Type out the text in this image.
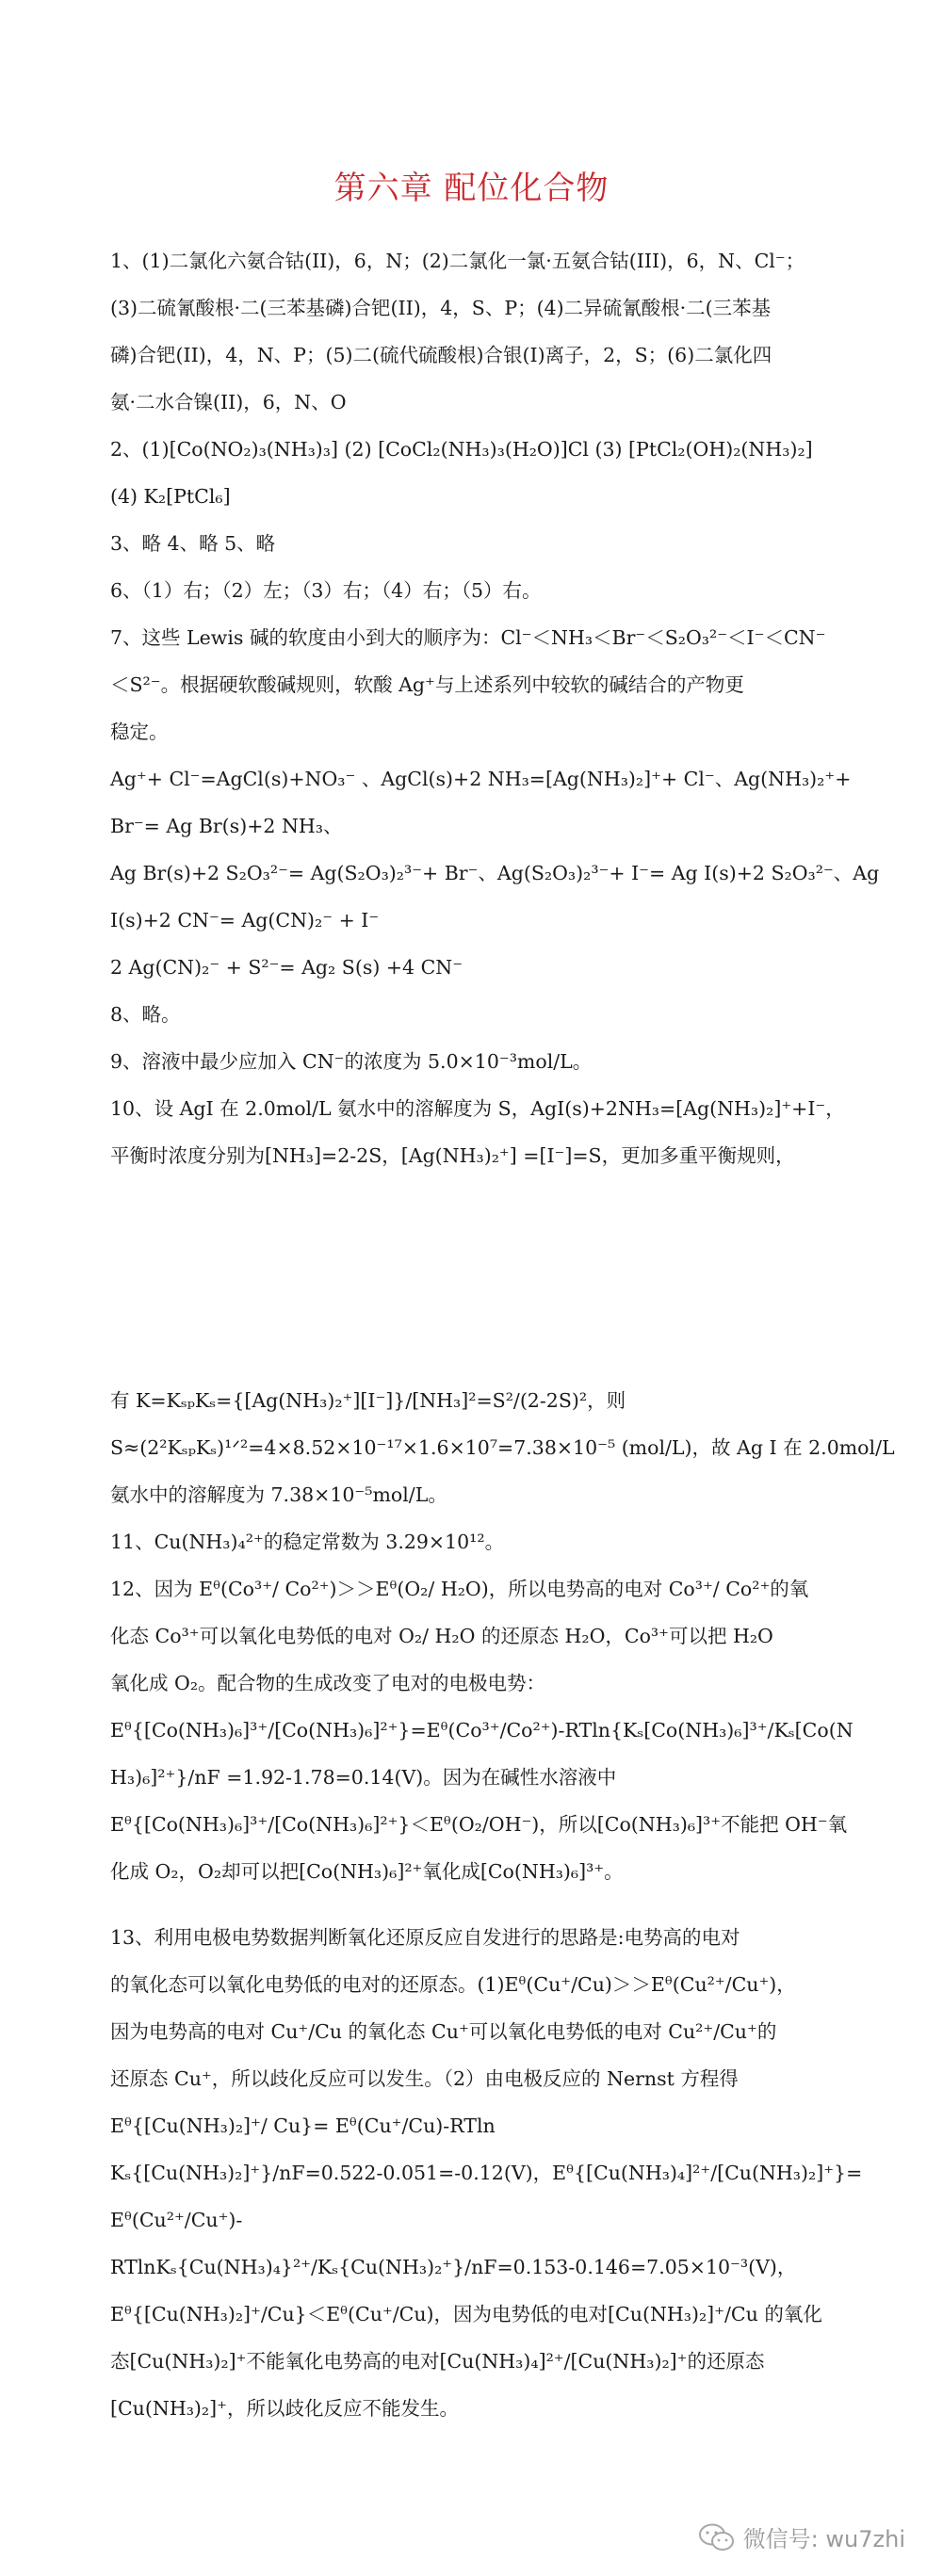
第六章 配位化合物
1、(1)二氯化六氨合钴(II)，6，N；(2)二氯化一氯·五氨合钴(III)，6，N、Cl⁻；
(3)二硫氰酸根·二(三苯基磷)合钯(II)，4，S、P；(4)二异硫氰酸根·二(三苯基
磷)合钯(II)，4，N、P；(5)二(硫代硫酸根)合银(I)离子，2，S；(6)二氯化四
氨·二水合镍(II)，6，N、O
2、(1)[Co(NO₂)₃(NH₃)₃] (2) [CoCl₂(NH₃)₃(H₂O)]Cl (3) [PtCl₂(OH)₂(NH₃)₂]
(4) K₂[PtCl₆]
3、略 4、略 5、略
6、（1）右；（2）左；（3）右；（4）右；（5）右。
7、这些 Lewis 碱的软度由小到大的顺序为：Cl⁻＜NH₃＜Br⁻＜S₂O₃²⁻＜I⁻＜CN⁻
＜S²⁻。根据硬软酸碱规则，软酸 Ag⁺与上述系列中较软的碱结合的产物更
稳定。
Ag⁺+ Cl⁻=AgCl(s)+NO₃⁻ 、AgCl(s)+2 NH₃=[Ag(NH₃)₂]⁺+ Cl⁻、Ag(NH₃)₂⁺+
Br⁻= Ag Br(s)+2 NH₃、
Ag Br(s)+2 S₂O₃²⁻= Ag(S₂O₃)₂³⁻+ Br⁻、Ag(S₂O₃)₂³⁻+ I⁻= Ag I(s)+2 S₂O₃²⁻、Ag
I(s)+2 CN⁻= Ag(CN)₂⁻ + I⁻
2 Ag(CN)₂⁻ + S²⁻= Ag₂ S(s) +4 CN⁻
8、略。
9、溶液中最少应加入 CN⁻的浓度为 5.0×10⁻³mol/L。
10、设 AgI 在 2.0mol/L 氨水中的溶解度为 S，AgI(s)+2NH₃=[Ag(NH₃)₂]⁺+I⁻，
平衡时浓度分别为[NH₃]=2-2S，[Ag(NH₃)₂⁺] =[I⁻]=S，更加多重平衡规则，
有 K=KₛₚKₛ={[Ag(NH₃)₂⁺][I⁻]}/[NH₃]²=S²/(2-2S)²，则
S≈(2²KₛₚKₛ)¹ᐟ²=4×8.52×10⁻¹⁷×1.6×10⁷=7.38×10⁻⁵ (mol/L)，故 Ag I 在 2.0mol/L
氨水中的溶解度为 7.38×10⁻⁵mol/L。
11、Cu(NH₃)₄²⁺的稳定常数为 3.29×10¹²。
12、因为 Eᶿ(Co³⁺/ Co²⁺)＞＞Eᶿ(O₂/ H₂O)，所以电势高的电对 Co³⁺/ Co²⁺的氧
化态 Co³⁺可以氧化电势低的电对 O₂/ H₂O 的还原态 H₂O，Co³⁺可以把 H₂O
氧化成 O₂。配合物的生成改变了电对的电极电势：
Eᶿ{[Co(NH₃)₆]³⁺/[Co(NH₃)₆]²⁺}=Eᶿ(Co³⁺/Co²⁺)-RTln{Kₛ[Co(NH₃)₆]³⁺/Kₛ[Co(N
H₃)₆]²⁺}/nF =1.92-1.78=0.14(V)。因为在碱性水溶液中
Eᶿ{[Co(NH₃)₆]³⁺/[Co(NH₃)₆]²⁺}＜Eᶿ(O₂/OH⁻)，所以[Co(NH₃)₆]³⁺不能把 OH⁻氧
化成 O₂，O₂却可以把[Co(NH₃)₆]²⁺氧化成[Co(NH₃)₆]³⁺。
13、利用电极电势数据判断氧化还原反应自发进行的思路是:电势高的电对
的氧化态可以氧化电势低的电对的还原态。(1)Eᶿ(Cu⁺/Cu)＞＞Eᶿ(Cu²⁺/Cu⁺)，
因为电势高的电对 Cu⁺/Cu 的氧化态 Cu⁺可以氧化电势低的电对 Cu²⁺/Cu⁺的
还原态 Cu⁺，所以歧化反应可以发生。（2）由电极反应的 Nernst 方程得
Eᶿ{[Cu(NH₃)₂]⁺/ Cu}= Eᶿ(Cu⁺/Cu)-RTln
Kₛ{[Cu(NH₃)₂]⁺}/nF=0.522-0.051=-0.12(V)，Eᶿ{[Cu(NH₃)₄]²⁺/[Cu(NH₃)₂]⁺}=
Eᶿ(Cu²⁺/Cu⁺)-
RTlnKₛ{Cu(NH₃)₄}²⁺/Kₛ{Cu(NH₃)₂⁺}/nF=0.153-0.146=7.05×10⁻³(V)，
Eᶿ{[Cu(NH₃)₂]⁺/Cu}＜Eᶿ(Cu⁺/Cu)，因为电势低的电对[Cu(NH₃)₂]⁺/Cu 的氧化
态[Cu(NH₃)₂]⁺不能氧化电势高的电对[Cu(NH₃)₄]²⁺/[Cu(NH₃)₂]⁺的还原态
[Cu(NH₃)₂]⁺，所以歧化反应不能发生。
微信号: wu7zhi
